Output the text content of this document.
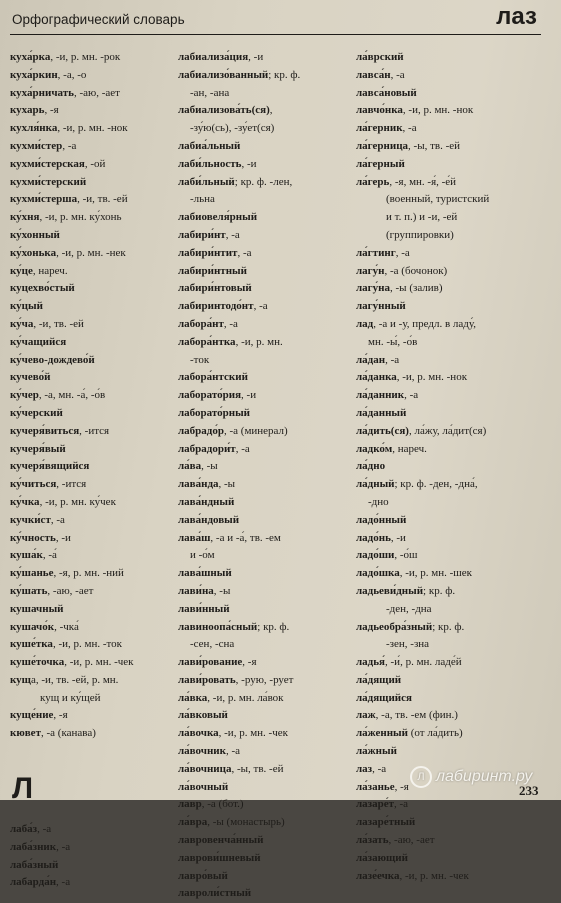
Орфографический словарь	лаз
куха́рка, -и, р. мн. -рок
куха́ркин, -а, -о
куха́рничать, -аю, -ает
кухарь, -я
кухля́нка, -и, р. мн. -нок
кухми́стер, -а
кухми́стерская, -ой
кухми́стерский
кухми́стерша, -и, тв. -ей
ку́хня, -и, р. мн. ку́хонь
ку́хонный
ку́хонька, -и, р. мн. -нек
ку́це, нареч.
куцехво́стый
ку́цый
ку́ча, -и, тв. -ей
ку́чащийся
ку́чево-дождево́й
кучево́й
ку́чер, -а, мн. -а́, -о́в
ку́черский
кучеря́виться, -ится
кучеря́вый
кучеря́вящийся
ку́читься, -ится
ку́чка, -и, р. мн. ку́чек
кучки́ст, -а
ку́чность, -и
куша́к, -а́
ку́шанье, -я, р. мн. -ний
ку́шать, -аю, -ает
кушачный
кушачо́к, -чка́
куше́тка, -и, р. мн. -ток
куше́точка, -и, р. мн. -чек
куща, -и, тв. -ей, р. мн.
кущ и ку́щей
куще́ние, -я
кювет, -а (канава)
Л
лаба́з, -а
лаба́зник, -а
лаба́зный
лабарда́н, -а
лабиализа́ция, -и
лабиализо́ванный; кр. ф.
-ан, -ана
лабиализова́ть(ся),
-зу́ю(сь), -зу́ет(ся)
лабиа́льный
лаби́льность, -и
лаби́льный; кр. ф. -лен,
-льна
лабиовеля́рный
лабири́нт, -а
лабири́нтит, -а
лабири́нтный
лабири́нтовый
лабиринтодо́нт, -а
лабора́нт, -а
лабора́нтка, -и, р. мн.
-ток
лабора́нтский
лаборато́рия, -и
лаборато́рный
лабрадо́р, -а (минерал)
лабрадори́т, -а
ла́ва, -ы
лава́нда, -ы
лава́ндный
лава́ндовый
лава́ш, -а и -а́, тв. -ем
и -о́м
лава́шный
лави́на, -ы
лави́нный
лавиноопа́сный; кр. ф.
-сен, -сна
лави́рование, -я
лави́ровать, -рую, -рует
ла́вка, -и, р. мн. ла́вок
ла́вковый
ла́вочка, -и, р. мн. -чек
ла́вочник, -а
ла́вочница, -ы, тв. -ей
ла́вочный
лавр, -а (бот.)
ла́вра, -ы (монастырь)
лавровенча́нный
лаврови́шневый
лавро́вый
лавроли́стный
ла́врский
лавса́н, -а
лавса́новый
лавчо́нка, -и, р. мн. -нок
ла́герник, -а
ла́герница, -ы, тв. -ей
ла́герный
ла́герь, -я, мн. -я́, -е́й
(военный, туристский
и т. п.) и -и, -ей
(группировки)
ла́гтинг, -а
лагу́н, -а (бочонок)
лагу́на, -ы (залив)
лагу́нный
лад, -а и -у, предл. в ладу́,
мн. -ы́, -о́в
ла́дан, -а
ла́данка, -и, р. мн. -нок
ла́данник, -а
ла́данный
ла́дить(ся), ла́жу, ла́дит(ся)
ладко́м, нареч.
ла́дно
ла́дный; кр. ф. -ден, -дна́,
-дно
ладо́нный
ладо́нь, -и
ладо́ши, -о́ш
ладо́шка, -и, р. мн. -шек
ладьеви́дный; кр. ф.
-ден, -дна
ладьеобра́зный; кр. ф.
-зен, -зна
ладья́, -и́, р. мн. ладе́й
ла́дящий
ла́дящийся
лаж, -а, тв. -ем (фин.)
ла́женный (от ла́дить)
ла́жный
лаз, -а
ла́занье, -я
лазаре́т, -а
лазаре́тный
ла́зать, -аю, -ает
ла́зающий
лазе́ечка, -и, р. мн. -чек
Л лабиринт.ру
233
